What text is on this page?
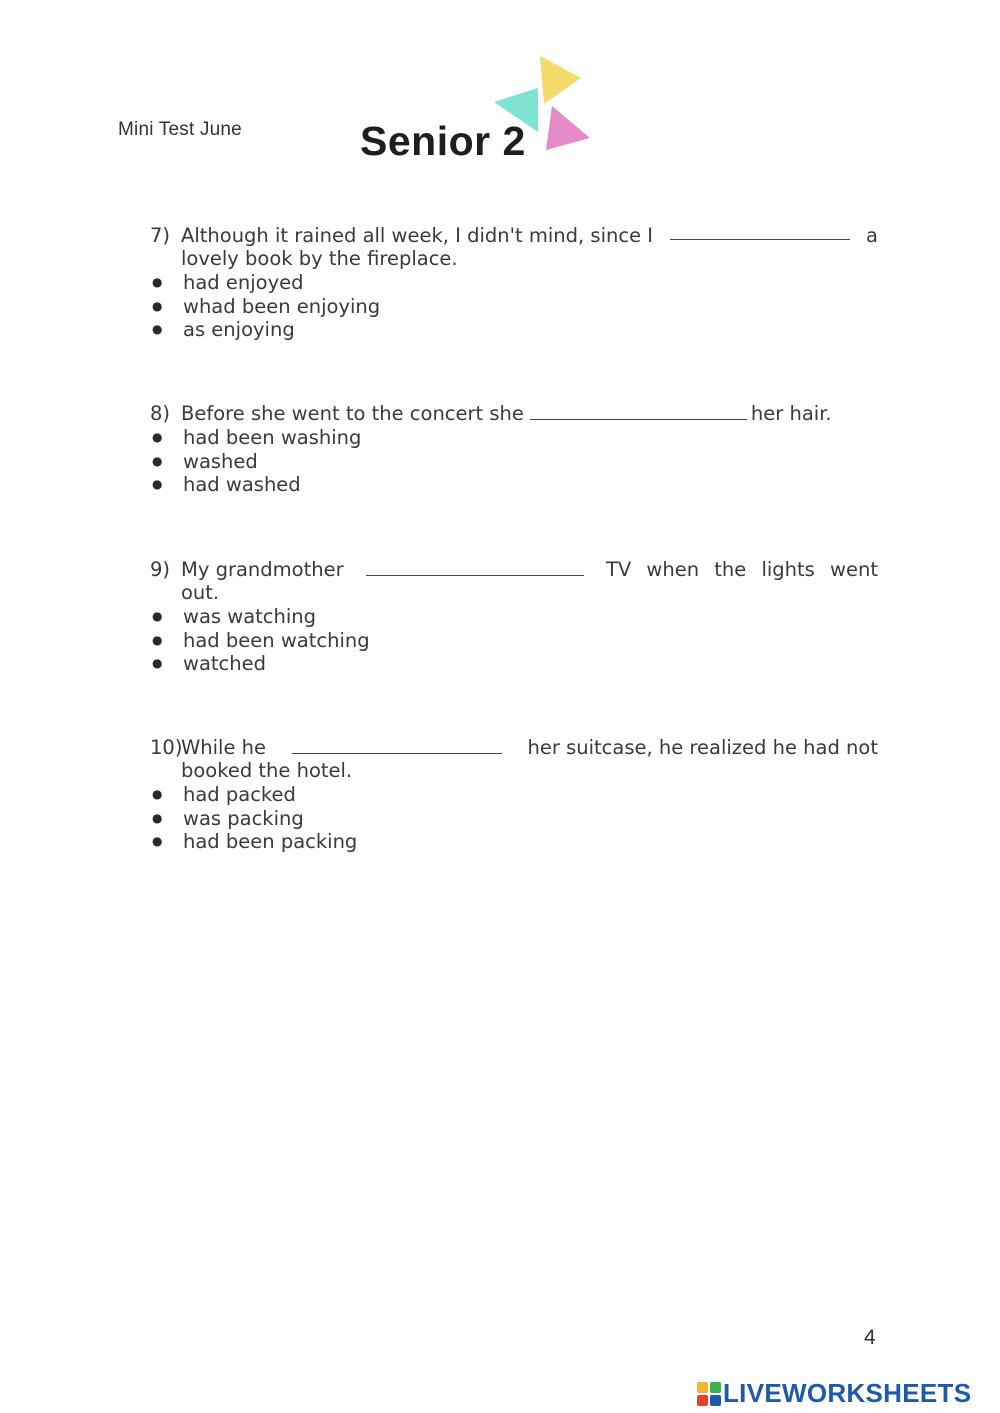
Mini Test June	Senior 2
7) Although it rained all week, I didn't mind, since I	a
lovely book by the fireplace.
●	had enjoyed
●	whad been enjoying
●	as enjoying
8) Before she went to the concert she	her hair.
●	had been washing
●	washed
●	had washed
9) My grandmother	TV when the lights went
out.
●	was watching
●	had been watching
●	watched
10)
While he	her suitcase, he realized he had not
booked the hotel.
●	had packed
●	was packing
●	had been packing
4
LIVEWORKSHEETS
